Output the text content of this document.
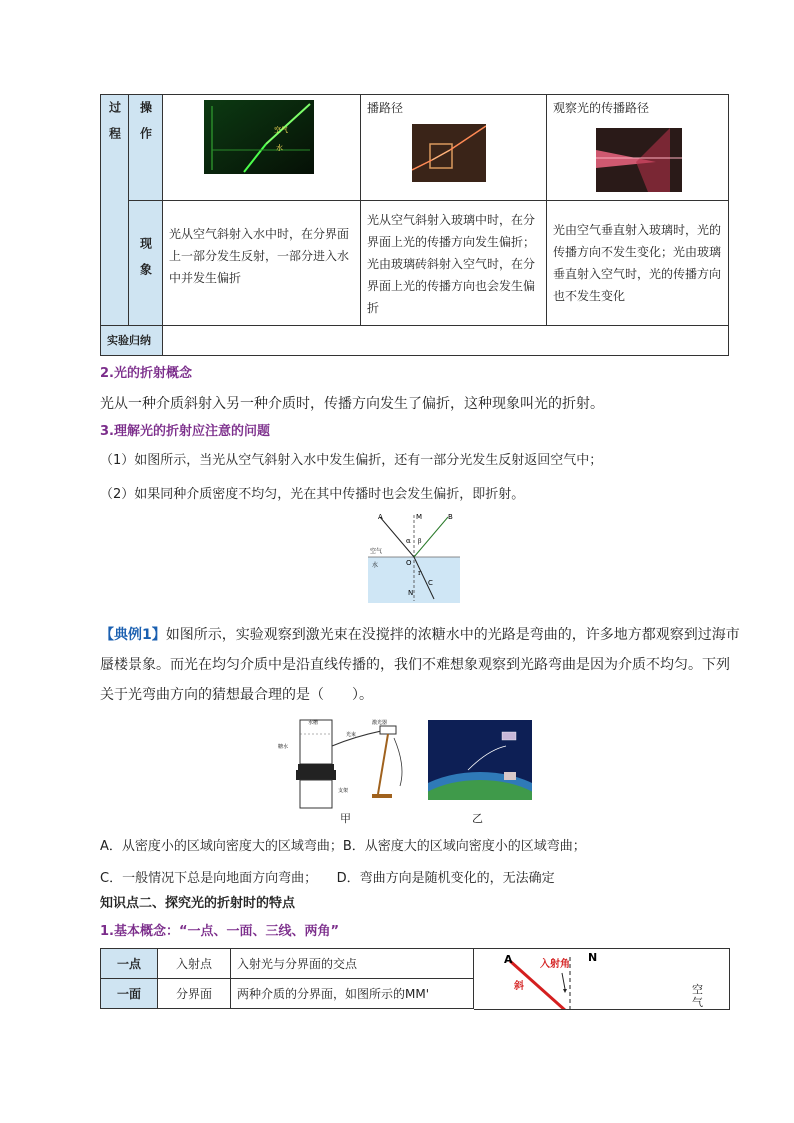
过程	操作		播路径	观察光的传播路径

	现象	光从空气斜射入水中时，在分界面上一部分发生反射，一部分进入水中并发生偏折	光从空气斜射入玻璃中时，在分界面上光的传播方向发生偏折；光由玻璃砖斜射入空气时，在分界面上光的传播方向也会发生偏折	光由空气垂直射入玻璃时，光的传播方向不发生变化；光由玻璃垂直射入空气时，光的传播方向也不发生变化
实验归纳				
空气
水
2.光的折射概念
光从一种介质斜射入另一种介质时，传播方向发生了偏折，这种现象叫光的折射。
3.理解光的折射应注意的问题
（1）如图所示，当光从空气斜射入水中发生偏折，还有一部分光发生反射返回空气中；
（2）如果同种介质密度不均匀，光在其中传播时也会发生偏折，即折射。
A	M	B
α β
空气
水	O
r
C
N
【典例1】如图所示，实验观察到激光束在没搅拌的浓糖水中的光路是弯曲的，许多地方都观察到过海市蜃楼景象。而光在均匀介质中是沿直线传播的，我们不难想象观察到光路弯曲是因为介质不均匀。下列关于光弯曲方向的猜想最合理的是（　　）。
水槽
糖水
光束
激光器
支架
甲	乙
A．从密度小的区域向密度大的区域弯曲；B．从密度大的区域向密度小的区域弯曲；
C．一般情况下总是向地面方向弯曲；　　D．弯曲方向是随机变化的，无法确定
知识点二、探究光的折射时的特点
1.基本概念：“一点、一面、三线、两角”
一点	入射点	入射光与分界面的交点
一面	分界面	两种介质的分界面，如图所示的MM'
A	入射角
N
斜	空气
